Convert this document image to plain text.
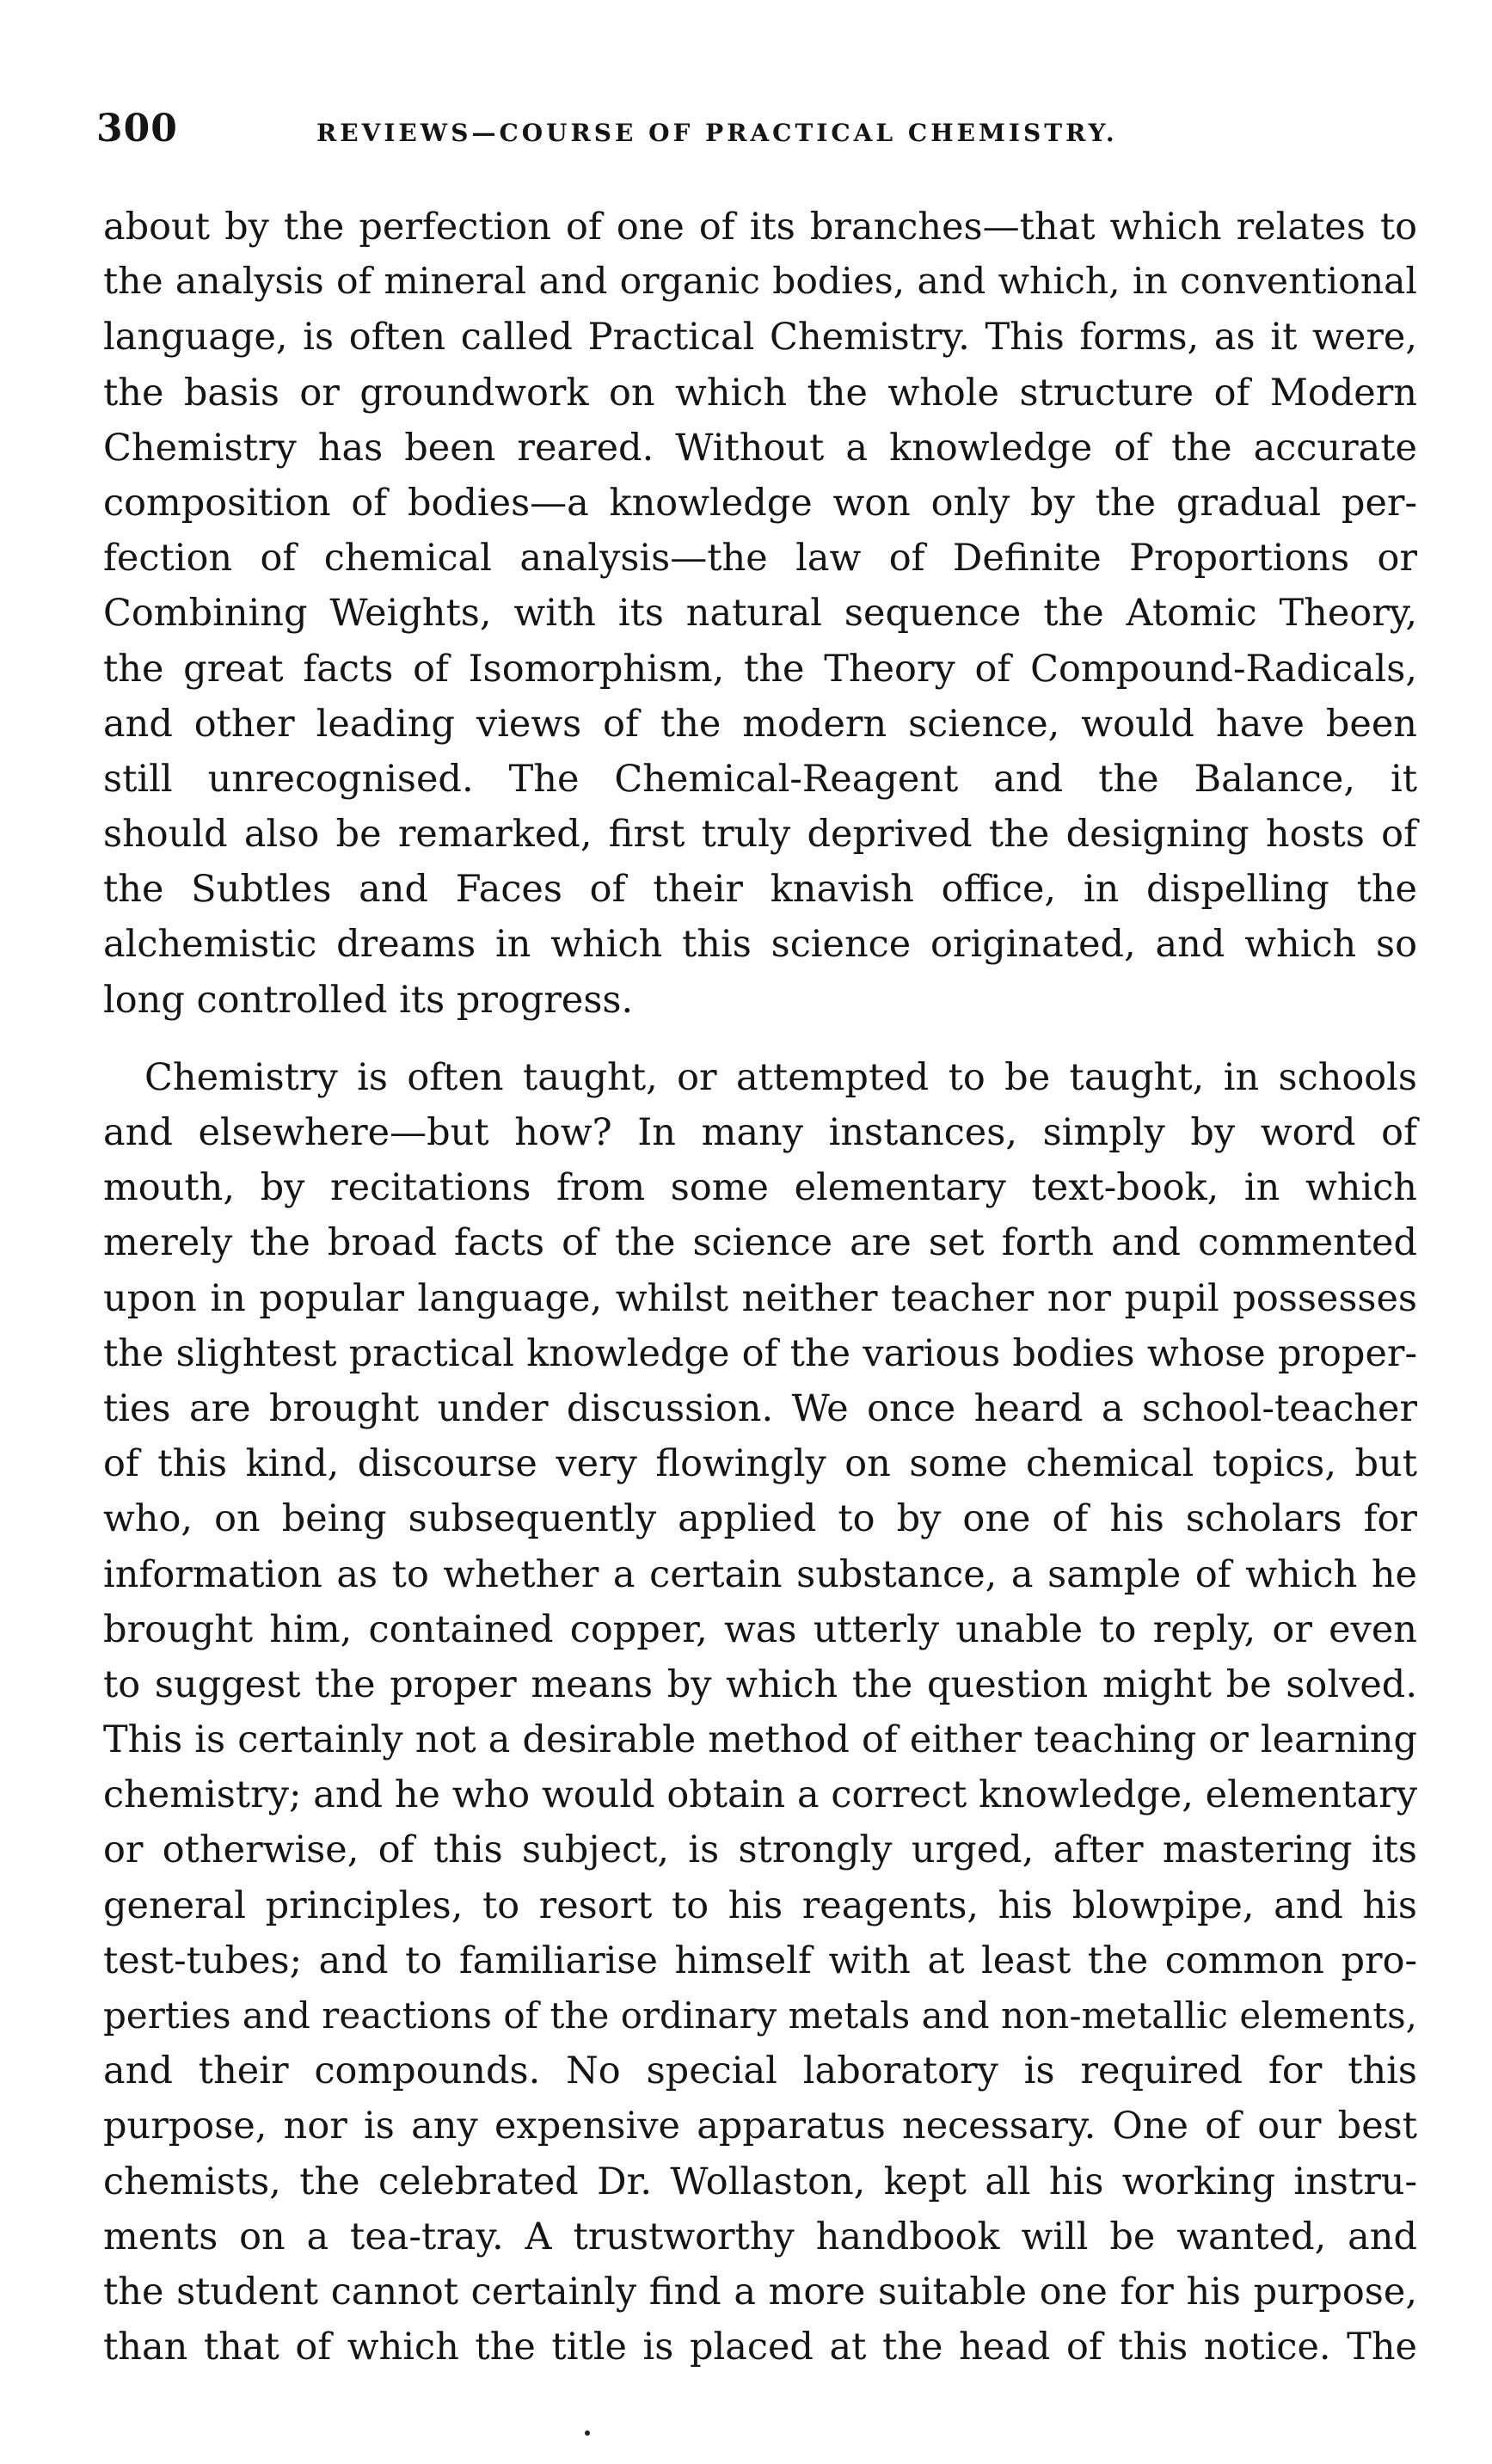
300	REVIEWS—COURSE OF PRACTICAL CHEMISTRY.
about by the perfection of one of its branches—that which relates to
the analysis of mineral and organic bodies, and which, in conventional
language, is often called Practical Chemistry. This forms, as it were,
the basis or groundwork on which the whole structure of Modern
Chemistry has been reared. Without a knowledge of the accurate
composition of bodies—a knowledge won only by the gradual per-
fection of chemical analysis—the law of Definite Proportions or
Combining Weights, with its natural sequence the Atomic Theory,
the great facts of Isomorphism, the Theory of Compound-Radicals,
and other leading views of the modern science, would have been
still unrecognised. The Chemical-Reagent and the Balance, it
should also be remarked, first truly deprived the designing hosts of
the Subtles and Faces of their knavish office, in dispelling the
alchemistic dreams in which this science originated, and which so
long controlled its progress.
Chemistry is often taught, or attempted to be taught, in schools
and elsewhere—but how? In many instances, simply by word of
mouth, by recitations from some elementary text-book, in which
merely the broad facts of the science are set forth and commented
upon in popular language, whilst neither teacher nor pupil possesses
the slightest practical knowledge of the various bodies whose proper-
ties are brought under discussion. We once heard a school-teacher
of this kind, discourse very flowingly on some chemical topics, but
who, on being subsequently applied to by one of his scholars for
information as to whether a certain substance, a sample of which he
brought him, contained copper, was utterly unable to reply, or even
to suggest the proper means by which the question might be solved.
This is certainly not a desirable method of either teaching or learning
chemistry; and he who would obtain a correct knowledge, elementary
or otherwise, of this subject, is strongly urged, after mastering its
general principles, to resort to his reagents, his blowpipe, and his
test-tubes; and to familiarise himself with at least the common pro-
perties and reactions of the ordinary metals and non-metallic elements,
and their compounds. No special laboratory is required for this
purpose, nor is any expensive apparatus necessary. One of our best
chemists, the celebrated Dr. Wollaston, kept all his working instru-
ments on a tea-tray. A trustworthy handbook will be wanted, and
the student cannot certainly find a more suitable one for his purpose,
than that of which the title is placed at the head of this notice. The
